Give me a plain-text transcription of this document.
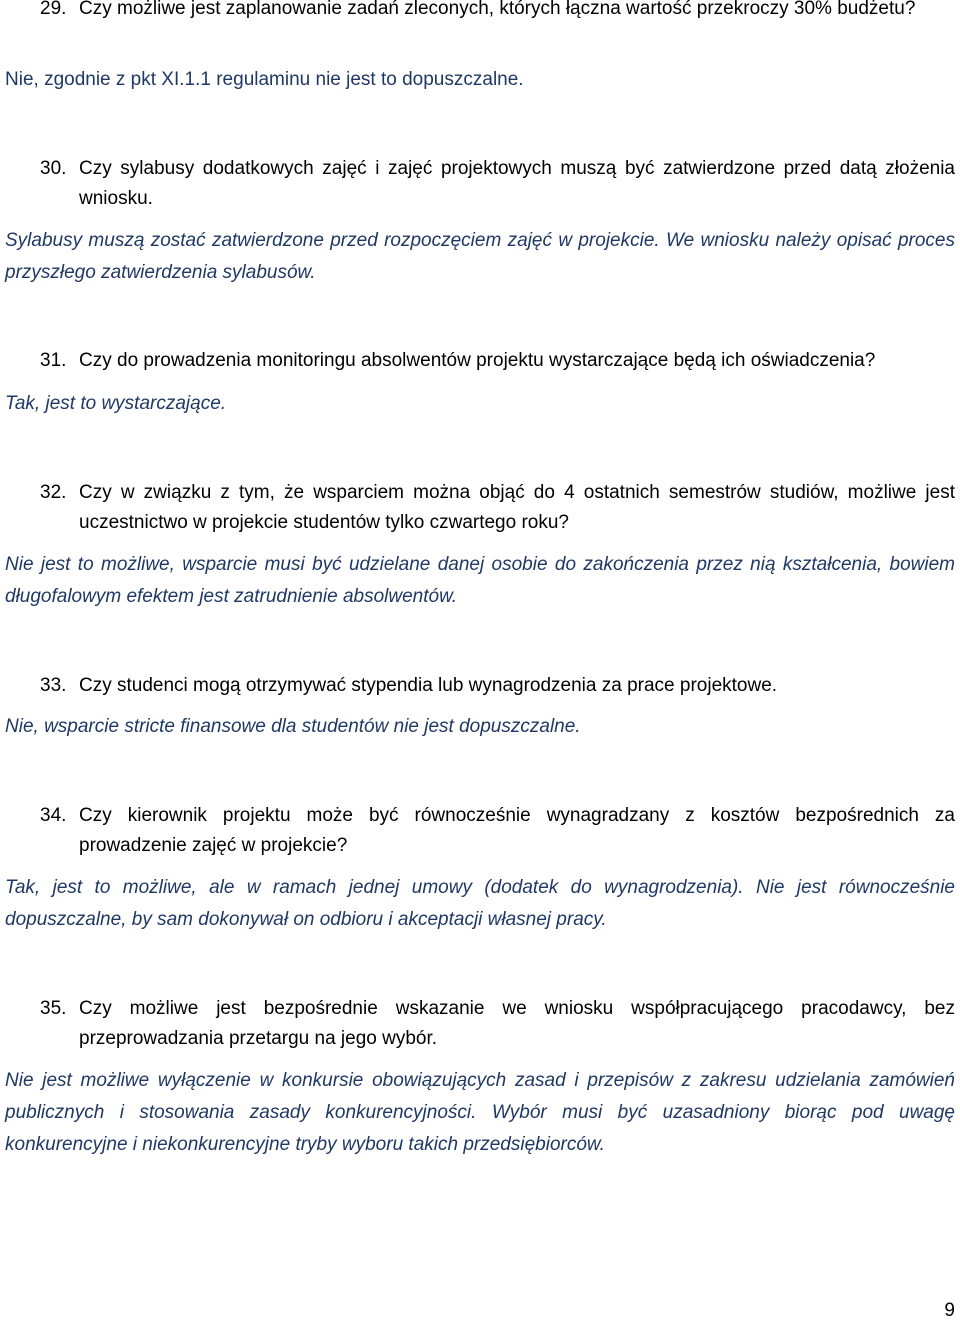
29. Czy możliwe jest zaplanowanie zadań zleconych, których łączna wartość przekroczy 30% budżetu?
Nie, zgodnie z pkt XI.1.1 regulaminu nie jest to dopuszczalne.
30. Czy sylabusy dodatkowych zajęć i zajęć projektowych muszą być zatwierdzone przed datą złożenia wniosku.
Sylabusy muszą zostać zatwierdzone przed rozpoczęciem zajęć w projekcie. We wniosku należy opisać proces przyszłego zatwierdzenia sylabusów.
31. Czy do prowadzenia monitoringu absolwentów projektu wystarczające będą ich oświadczenia?
Tak, jest to wystarczające.
32. Czy w związku z tym, że wsparciem można objąć do 4 ostatnich semestrów studiów, możliwe jest uczestnictwo w projekcie studentów tylko czwartego roku?
Nie jest to możliwe, wsparcie musi być udzielane danej osobie do zakończenia przez nią kształcenia, bowiem długofalowym efektem jest zatrudnienie absolwentów.
33. Czy studenci mogą otrzymywać stypendia lub wynagrodzenia za prace projektowe.
Nie, wsparcie stricte finansowe dla studentów nie jest dopuszczalne.
34. Czy kierownik projektu może być równocześnie wynagradzany z kosztów bezpośrednich za prowadzenie zajęć w projekcie?
Tak, jest to możliwe, ale w ramach jednej umowy (dodatek do wynagrodzenia). Nie jest równocześnie dopuszczalne, by sam dokonywał on odbioru i akceptacji własnej pracy.
35. Czy możliwe jest bezpośrednie wskazanie we wniosku współpracującego pracodawcy, bez przeprowadzania przetargu na jego wybór.
Nie jest możliwe wyłączenie w konkursie obowiązujących zasad i przepisów z zakresu udzielania zamówień publicznych i stosowania zasady konkurencyjności. Wybór musi być uzasadniony biorąc pod uwagę konkurencyjne i niekonkurencyjne tryby wyboru takich przedsiębiorców.
9
